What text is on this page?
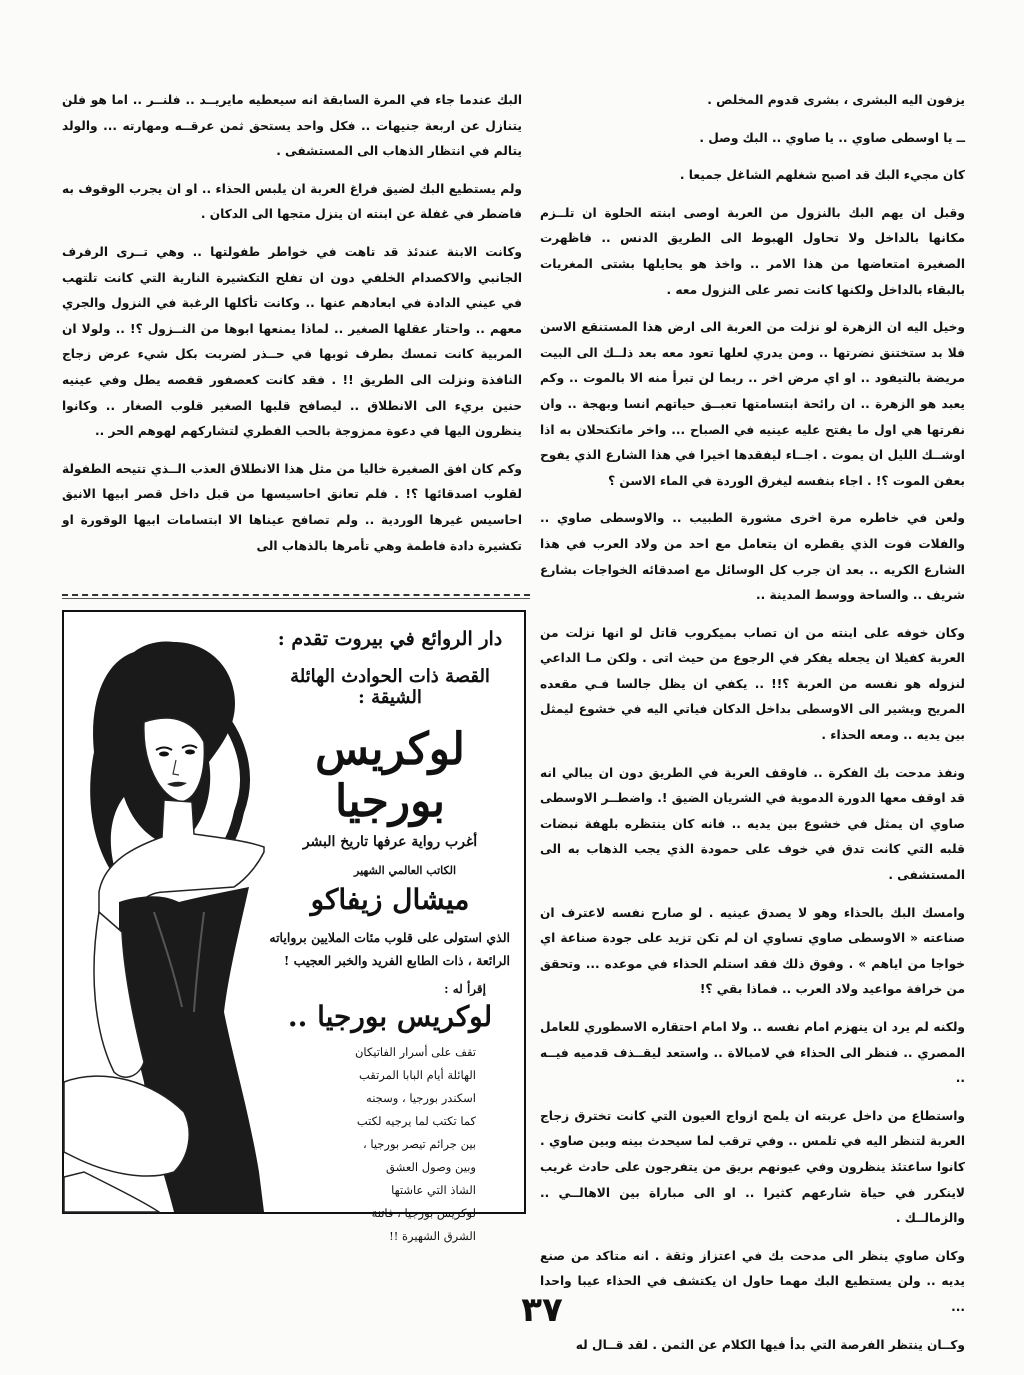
يزفون اليه البشرى ، بشرى قدوم المخلص .

ــ يا اوسطى صاوي .. يا صاوي .. البك وصل .

كان مجيء البك قد اصبح شغلهم الشاغل جميعا .

وقبل ان يهم البك بالنزول من العربة اوصى ابنته الحلوة ان تلــزم مكانها بالداخل ولا تحاول الهبوط الى الطريق الدنس .. فاظهرت الصغيرة امتعاضها من هذا الامر .. واخذ هو يحايلها بشتى المغريات بالبقاء بالداخل ولكنها كانت تصر على النزول معه .

وخيل اليه ان الزهرة لو نزلت من العربة الى ارض هذا المستنقع الاسن فلا بد ستختنق نضرتها .. ومن يدري لعلها تعود معه بعد ذلــك الى البيت مريضة بالتيفود .. او اي مرض اخر .. ربما لن تبرأ منه الا بالموت .. وكم يعبد هو الزهرة .. ان رائحة ابتسامتها تعبــق حياتهم انسا وبهجة .. وان نفرتها هي اول ما يفتح عليه عينيه في الصباح ... واخر ماتكتحلان به اذا اوشــك الليل ان يموت . اجــاء ليفقدها اخيرا في هذا الشارع الذي يفوح بعفن الموت ؟! . اجاء بنفسه ليغرق الوردة في الماء الاسن ؟

ولعن في خاطره مرة اخرى مشورة الطبيب .. والاوسطى صاوي .. والفلات فوت الذي يقطره ان يتعامل مع احد من ولاد العرب في هذا الشارع الكريه .. بعد ان جرب كل الوسائل مع اصدقائه الخواجات بشارع شريف .. والساحة ووسط المدينة ..

وكان خوفه على ابنته من ان تصاب بميكروب قاتل لو انها نزلت من العربة كفيلا ان يجعله يفكر في الرجوع من حيث اتى . ولكن مـا الداعي لنزوله هو نفسه من العربة ؟!! .. يكفي ان يظل جالسا فـي مقعده المريح ويشير الى الاوسطى بداخل الدكان فياتي اليه في خشوع ليمثل بين يديه .. ومعه الحذاء .

ونفذ مدحت بك الفكرة .. فاوقف العربة في الطريق دون ان يبالي انه قد اوقف معها الدورة الدموية في الشريان الضيق !. واضطــر الاوسطى صاوي ان يمثل في خشوع بين يديه .. فانه كان ينتظره بلهفة نبضات قلبه التي كانت تدق في خوف على حمودة الذي يجب الذهاب به الى المستشفى .

وامسك البك بالحذاء وهو لا يصدق عينيه . لو صارح نفسه لاعترف ان صناعته « الاوسطى صاوي تساوي ان لم تكن تزيد على جودة صناعة اي خواجا من اياهم » . وفوق ذلك فقد استلم الحذاء في موعده ... وتحقق من خرافة مواعيد ولاد العرب .. فماذا بقي ؟!

ولكنه لم يرد ان ينهزم امام نفسه .. ولا امام احتقاره الاسطوري للعامل المصري .. فنظر الى الحذاء في لامبالاة .. واستعد ليقــذف قدميه فيــه ..

واستطاع من داخل عربته ان يلمح ازواج العيون التي كانت تخترق زجاج العربة لتنظر اليه في تلمس .. وفي ترقب لما سيحدث بينه وبين صاوي . كانوا ساعتئذ ينظرون وفي عيونهم بريق من يتفرجون على حادث غريب لاينكرر في حياة شارعهم كثيرا .. او الى مباراة بين الاهالــي .. والزمالــك .

وكان صاوي ينظر الى مدحت بك في اعتزاز وثقة . انه متاكد من صنع يديه .. ولن يستطيع البك مهما حاول ان يكتشف في الحذاء عيبا واحدا ...

وكــان ينتظر الفرصة التي بدأ فيها الكلام عن الثمن . لقد قــال له

البك عندما جاء في المرة السابقة انه سيعطيه مايريــد .. فلنــر .. اما هو فلن يتنازل عن اربعة جنيهات .. فكل واحد يستحق ثمن عرقــه ومهارته ... والولد يتالم في انتظار الذهاب الى المستشفى .

ولم يستطيع البك لضيق فراغ العربة ان يلبس الحذاء .. او ان يجرب الوقوف به فاضطر في غفلة عن ابنته ان ينزل متجها الى الدكان .

وكانت الابنة عندئذ قد تاهت في خواطر طفولتها .. وهي تــرى الرفرف الجانبي والاكصدام الخلفي دون ان تفلح التكشيرة النارية التي كانت تلتهب في عيني الدادة في ابعادهم عنها .. وكانت تأكلها الرغبة في النزول والجري معهم .. واحتار عقلها الصغير .. لماذا يمنعها ابوها من النــزول ؟! .. ولولا ان المربية كانت تمسك بطرف ثوبها في حــذر لضربت بكل شيء عرض زجاج النافذة ونزلت الى الطريق !! . فقد كانت كعصفور قفصه يطل وفي عينيه حنين بريء الى الانطلاق .. ليصافح قلبها الصغير قلوب الصغار .. وكانوا ينظرون اليها في دعوة ممزوجة بالحب الفطري لتشاركهم لهوهم الحر ..

وكم كان افق الصغيرة خاليا من مثل هذا الانطلاق العذب الــذي تتيحه الطفولة لقلوب اصدقائها ؟! . فلم تعانق احاسيسها من قبل داخل قصر ابيها الانيق احاسيس غيرها الوردية .. ولم تصافح عيناها الا ابتسامات ابيها الوقورة او تكشيرة دادة فاطمة وهي تأمرها بالذهاب الى

دار الروائع في بيروت تقدم :
القصة ذات الحوادث الهائلة الشيقة :
لوكريس بورجيا
أغرب رواية عرفها تاريخ البشر
الكاتب العالمي الشهير
ميشال زيفاكو
الذي استولى على قلوب مئات الملايين برواياته الرائعة ، ذات الطابع الفريد والخبر العجيب !
إقرأ له :
لوكريس بورجيا ..
تقف على أسرار الفاتيكان
الهائلة أيام البابا المرتقب
اسكندر بورجيا ، وسجنه
كما تكتب لما يرجيه لكتب
بين جرائم تيصر بورجيا ،
وبين وصول العشق
الشاذ التي عاشتها
لوكريس بورجيا ، فاتنة
الشرق الشهيرة !!
٣٧
